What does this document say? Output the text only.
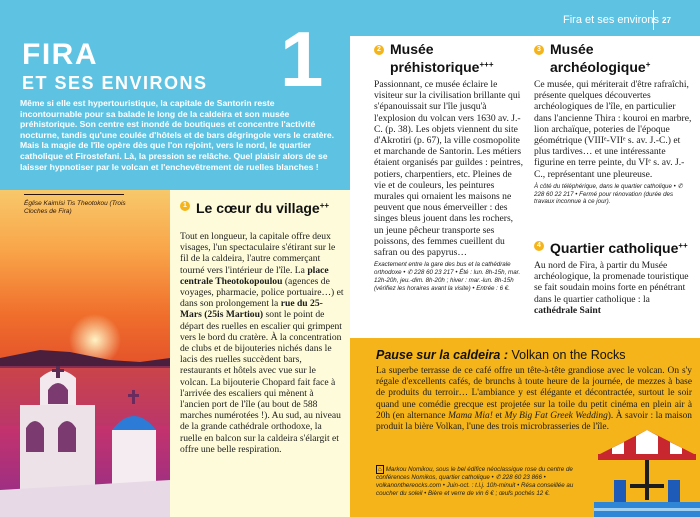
FIRA
ET SES ENVIRONS 1

Même si elle est hypertouristique, la capitale de Santorin reste incontournable pour sa balade le long de la caldeira et son musée préhistorique. Son centre est inondé de boutiques et concentre l'activité nocturne, tandis qu'une coulée d'hôtels et de bars dégringole vers le cratère. Mais la magie de l'île opère dès que l'on rejoint, vers le nord, le quartier catholique et Firostefani. Là, la pression se relâche. Quel plaisir alors de se laisser hypnotiser par le volcan et l'enchevêtrement de ruelles blanches !

Église Kaimísi Tis Theotokou (Trois Cloches de Fira)
1 Le cœur du village++

Tout en longueur, la capitale offre deux visages, l'un spectaculaire s'étirant sur le fil de la caldeira, l'autre commerçant tourné vers l'intérieur de l'île. La place centrale Theotokopoulou (agences de voyages, pharmacie, police portuaire…) et dans son prolongement la rue du 25-Mars (25is Martiou) sont le point de départ des ruelles en escalier qui grimpent vers le bord du cratère. À la concentration de clubs et de bijouteries nichés dans le lacis des ruelles succèdent bars, restaurants et hôtels avec vue sur le volcan. La bijouterie Chopard fait face à l'arrivée des escaliers qui mènent à l'ancien port de l'île (au bout de 588 marches numérotées !). Au sud, au niveau de la grande cathédrale orthodoxe, la ruelle en balcon sur la caldeira s'élargit et offre une belle respiration.

Fira et ses environs 27
2 Musée préhistorique+++

Passionnant, ce musée éclaire le visiteur sur la civilisation brillante qui s'épanouissait sur l'île jusqu'à l'explosion du volcan vers 1630 av. J.-C. (p. 38). Les objets viennent du site d'Akrotiri (p. 67), la ville cosmopolite et marchande de Santorin. Les métiers étaient organisés par guildes : peintres, potiers, charpentiers, etc. Pleines de vie et de couleurs, les peintures murales qui ornaient les maisons ne peuvent que nous émerveiller : des singes bleus jouent dans les rochers, un jeune pêcheur transporte ses poissons, des femmes cueillent du safran ou des papyrus…

Exactement entre la gare des bus et la cathédrale orthodoxe • ✆ 228 60 23 217 • Été : lun. 8h-15h, mar. 12h-20h, jeu.-dim. 8h-20h ; hiver : mar.-lun. 8h-15h (vérifiez les horaires avant la visite) • Entrée : 6 €.

3 Musée archéologique+

Ce musée, qui mériterait d'être rafraîchi, présente quelques découvertes archéologiques de l'île, en particulier dans l'ancienne Thira : kouroi en marbre, lion archaïque, poteries de l'époque géométrique (VIIIᵉ-VIIᵉ s. av. J.-C.) et plus tardives… et une intéressante figurine en terre peinte, du VIᵉ s. av. J.-C., représentant une pleureuse.

À côté du téléphérique, dans le quartier catholique • ✆ 228 60 22 217 • Fermé pour rénovation (durée des travaux inconnue à ce jour).

4 Quartier catholique++

Au nord de Fira, à partir du Musée archéologique, la promenade touristique se fait soudain moins forte en pénétrant dans le quartier catholique : la cathédrale Saint

Pause sur la caldeira : Volkan on the Rocks

La superbe terrasse de ce café offre un tête-à-tête grandiose avec le volcan. On s'y régale d'excellents cafés, de brunchs à toute heure de la journée, de mezzes à base de produits du terroir… L'ambiance y est élégante et décontractée, surtout le soir quand une comédie grecque est projetée sur la toile du petit cinéma en plein air à 20h (en alternance Mama Mia! et My Big Fat Greek Wedding). À savoir : la maison produit la bière Volkan, l'une des trois microbrasseries de l'île.

⌂ Markou Nomikou, sous le bel édifice néoclassique rose du centre de conférences Nomikos, quartier catholique • ✆ 228 60 23 866 • volkanonthereocks.com • Juin-oct. : t.l.j. 10h-minuit • Résa conseillée au coucher du soleil • Bière et verre de vin 6 € ; œufs pochés 12 €.
